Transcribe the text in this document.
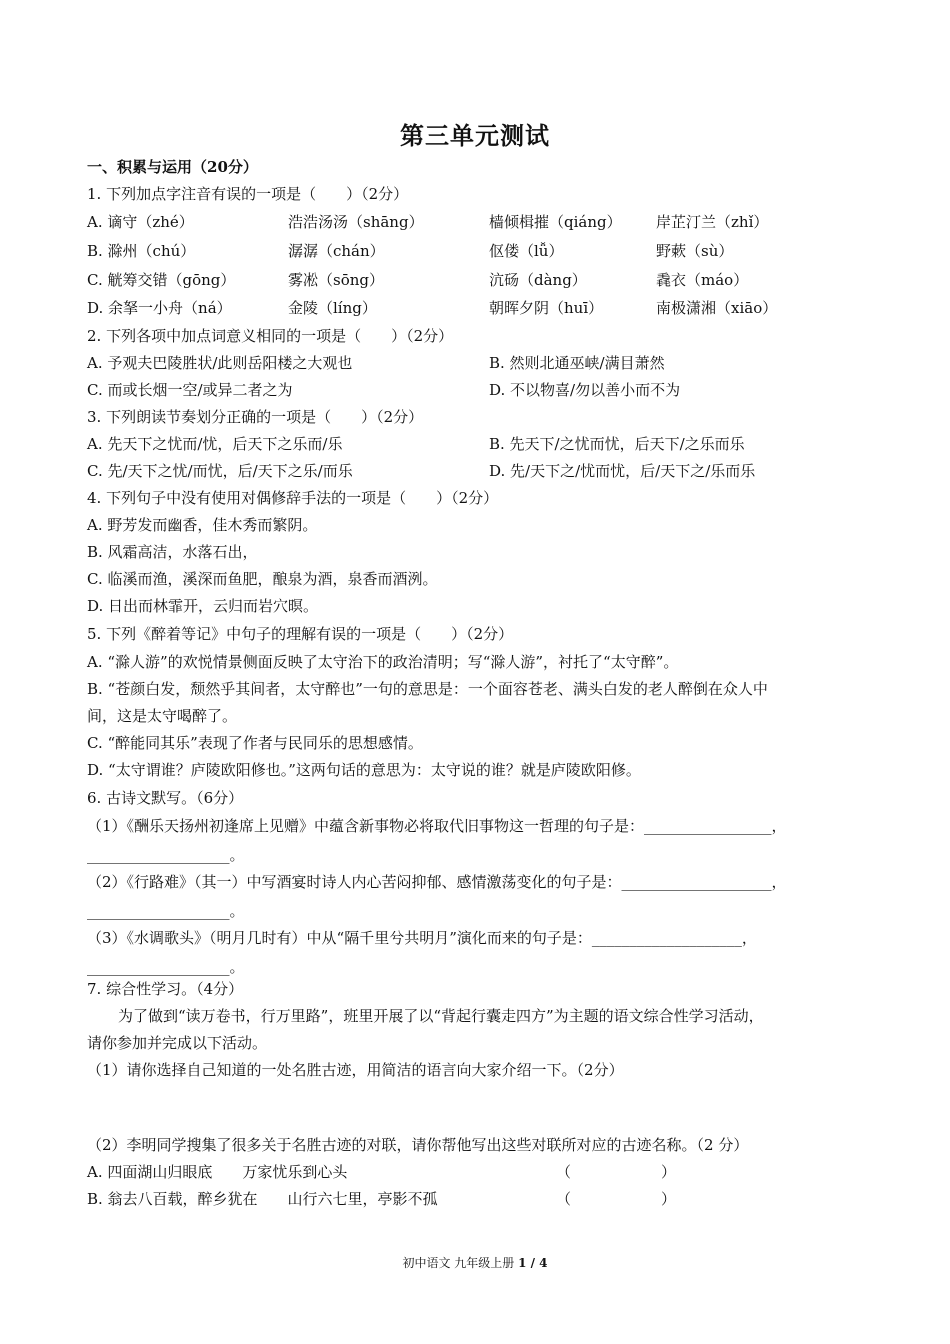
第三单元测试
一、积累与运用（20分）
1. 下列加点字注音有误的一项是（　　）（2分）
A. 谪守（zhé）	浩浩汤汤（shāng）	樯倾楫摧（qiáng） 岸芷汀兰（zhǐ）
B. 滁州（chú）	潺潺（chán）	伛偻（lǚ）	野蔌（sù）
C. 觥筹交错（gōng）	雾凇（sōng）	沆砀（dàng）	毳衣（máo）
D. 余拏一小舟（ná）	金陵（líng）	朝晖夕阴（huī）	南极潇湘（xiāo）
2. 下列各项中加点词意义相同的一项是（　　）（2分）
A. 予观夫巴陵胜状/此则岳阳楼之大观也	B. 然则北通巫峡/满目萧然
C. 而或长烟一空/或异二者之为	D. 不以物喜/勿以善小而不为
3. 下列朗读节奏划分正确的一项是（　　）（2分）
A. 先天下之忧而/忧，后天下之乐而/乐	B. 先天下/之忧而忧，后天下/之乐而乐
C. 先/天下之忧/而忧，后/天下之乐/而乐	D. 先/天下之/忧而忧，后/天下之/乐而乐
4. 下列句子中没有使用对偶修辞手法的一项是（　　）（2分）
A. 野芳发而幽香，佳木秀而繁阴。
B. 风霜高洁，水落石出，
C. 临溪而渔，溪深而鱼肥，酿泉为酒，泉香而酒洌。
D. 日出而林霏开，云归而岩穴暝。
5. 下列《醉着等记》中句子的理解有误的一项是（　　）（2分）
A. “滁人游”的欢悦情景侧面反映了太守治下的政治清明；写“滁人游”，衬托了“太守醉”。
B. “苍颜白发，颓然乎其间者，太守醉也”一句的意思是：一个面容苍老、满头白发的老人醉倒在众人中
间，这是太守喝醉了。
C. “醉能同其乐”表现了作者与民同乐的思想感情。
D. “太守谓谁？庐陵欧阳修也。”这两句话的意思为：太守说的谁？就是庐陵欧阳修。
6. 古诗文默写。（6分）
（1）《酬乐天扬州初逢席上见赠》中蕴含新事物必将取代旧事物这一哲理的句子是：_________________，
___________________。
（2）《行路难》（其一）中写酒宴时诗人内心苦闷抑郁、感情激荡变化的句子是：____________________，
___________________。
（3）《水调歌头》（明月几时有）中从“隔千里兮共明月”演化而来的句子是：____________________，
___________________。
7. 综合性学习。（4分）
为了做到“读万卷书，行万里路”，班里开展了以“背起行囊走四方”为主题的语文综合性学习活动，
请你参加并完成以下活动。
（1）请你选择自己知道的一处名胜古迹，用简洁的语言向大家介绍一下。（2分）
（2）李明同学搜集了很多关于名胜古迹的对联，请你帮他写出这些对联所对应的古迹名称。（2 分）
A. 四面湖山归眼底　　万家忧乐到心头	（　　　　　　）
B. 翁去八百载，醉乡犹在　　山行六七里，亭影不孤	（　　　　　　）
初中语文 九年级上册 1 / 4
